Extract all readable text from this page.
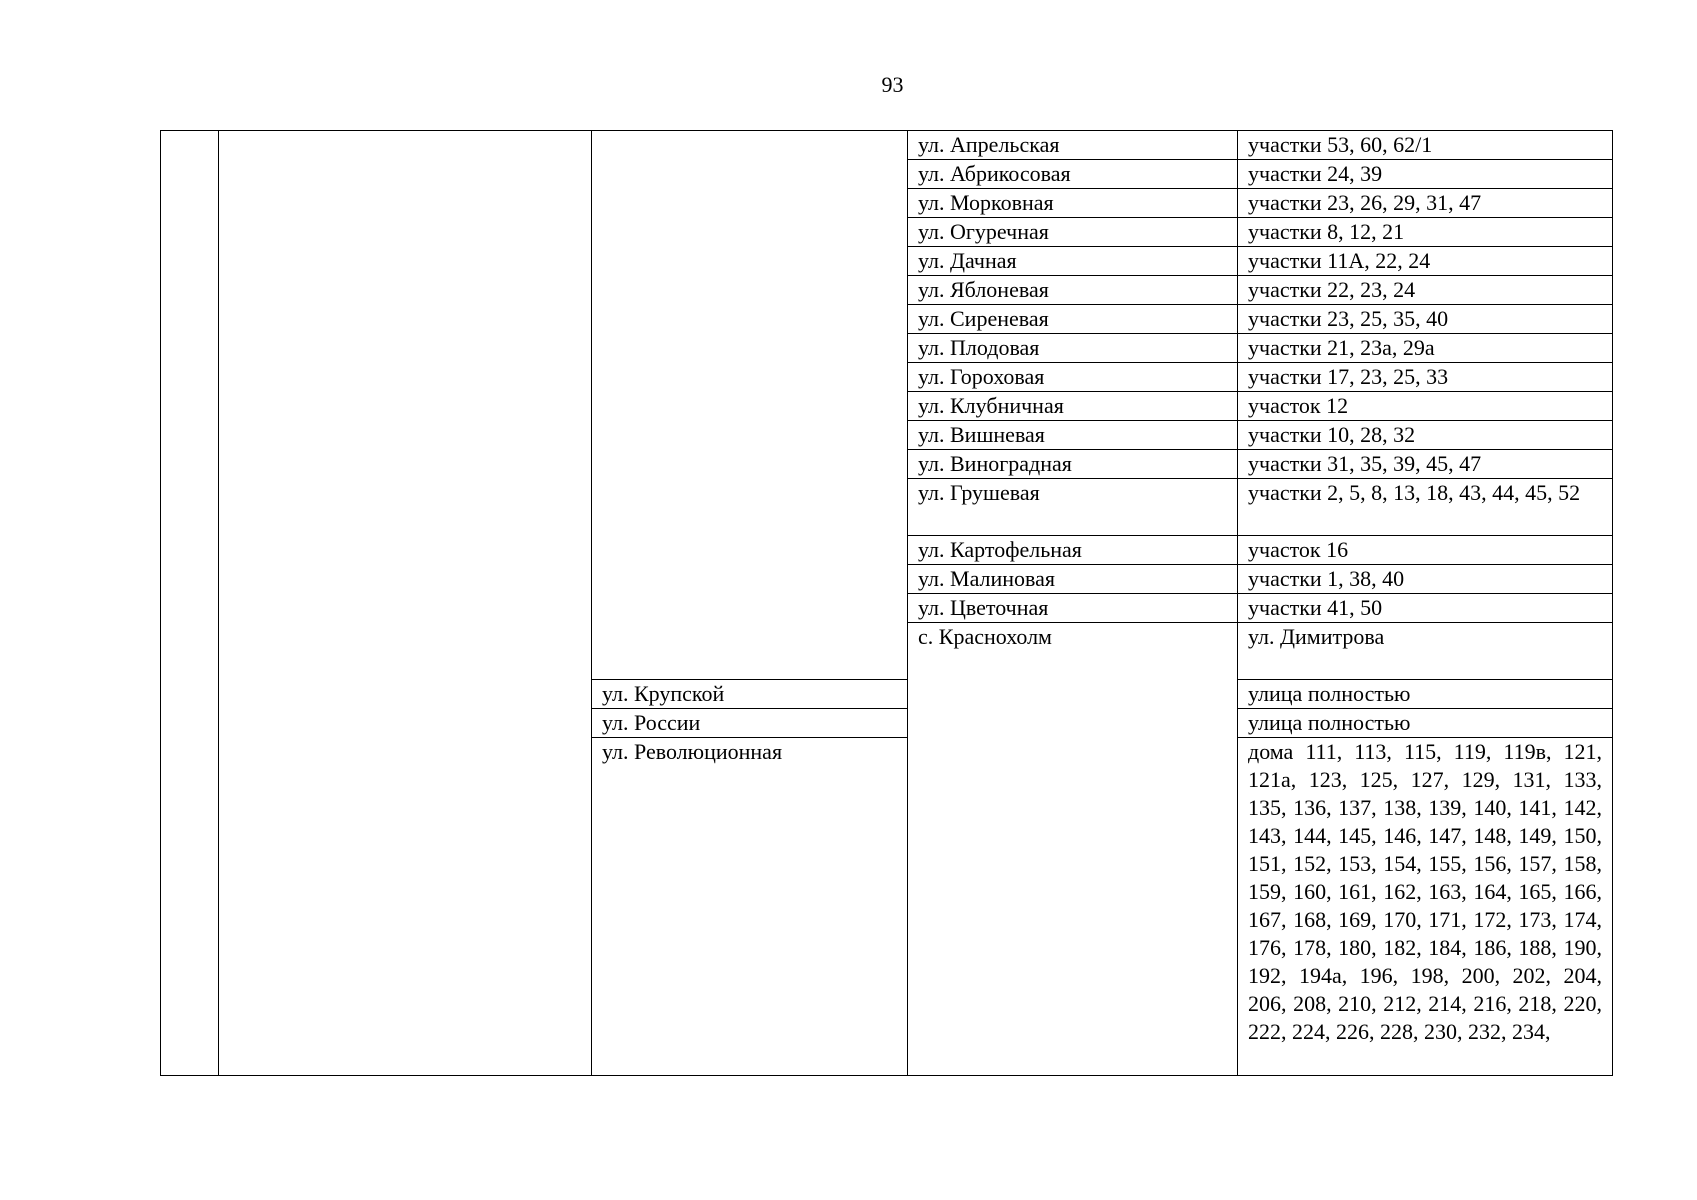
93
			ул. Апрельская	участки 53, 60, 62/1	
			ул. Абрикосовая	участки 24, 39	
			ул. Морковная	участки 23, 26, 29, 31, 47	
			ул. Огуречная	участки 8, 12, 21	
			ул. Дачная	участки 11А, 22, 24	
			ул. Яблоневая	участки 22, 23, 24	
			ул. Сиреневая	участки 23, 25, 35, 40	
			ул. Плодовая	участки 21, 23а, 29а	
			ул. Гороховая	участки 17, 23, 25, 33	
			ул. Клубничная	участок 12	
			ул. Вишневая	участки 10, 28, 32	
			ул. Виноградная	участки 31, 35, 39, 45, 47	
			ул. Грушевая	участки 2, 5, 8, 13, 18, 43, 44, 45, 52	
			ул. Картофельная	участок 16	
			ул. Малиновая	участки 1, 38, 40	
			ул. Цветочная	участки 41, 50	
			с. Краснохолм	ул. Димитрова	
		ул. Крупской		улица полностью	
		ул. России		улица полностью	
		ул. Революционная		дома 111, 113, 115, 119, 119в, 121, 121а, 123, 125, 127, 129, 131, 133, 135, 136, 137, 138, 139, 140, 141, 142, 143, 144, 145, 146, 147, 148, 149, 150, 151, 152, 153, 154, 155, 156, 157, 158, 159, 160, 161, 162, 163, 164, 165, 166, 167, 168, 169, 170, 171, 172, 173, 174, 176, 178, 180, 182, 184, 186, 188, 190, 192, 194а, 196, 198, 200, 202, 204, 206, 208, 210, 212, 214, 216, 218, 220, 222, 224, 226, 228, 230, 232, 234,	
